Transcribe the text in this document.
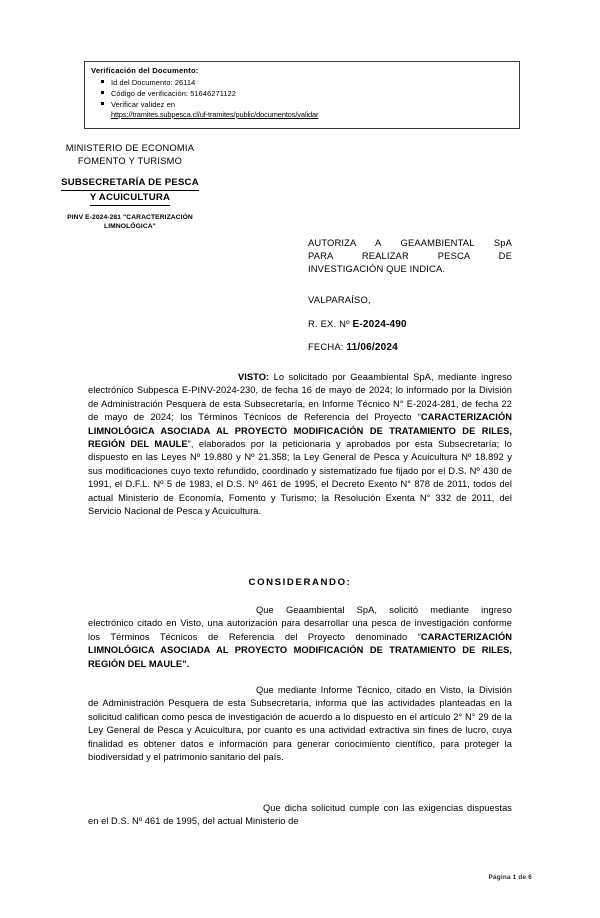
Verificación del Documento:
Id del Documento: 26114
Código de verificación: 51646271122
Verificar validez en
https://tramites.subpesca.cl/uf-tramites/public/documentos/validar
MINISTERIO DE ECONOMIA
FOMENTO Y TURISMO
SUBSECRETARÍA DE PESCA
Y ACUICULTURA
PINV E-2024-281 "CARACTERIZACIÓN
LIMNOLÓGICA"
AUTORIZA A GEAAMBIENTAL SpA
PARA REALIZAR PESCA DE
INVESTIGACIÓN QUE INDICA.
VALPARAÍSO,
R. EX. Nº E-2024-490
FECHA: 11/06/2024

VISTO: Lo solicitado por Geaambiental SpA, mediante ingreso electrónico Subpesca E-PINV-2024-230, de fecha 16 de mayo de 2024; lo informado por la División de Administración Pesquera de esta Subsecretaría, en Informe Técnico N° E-2024-281, de fecha 22 de mayo de 2024; los Términos Técnicos de Referencia del Proyecto “CARACTERIZACIÓN LIMNOLÓGICA ASOCIADA AL PROYECTO MODIFICACIÓN DE TRATAMIENTO DE RILES, REGIÓN DEL MAULE”, elaborados por la peticionaria y aprobados por esta Subsecretaría; lo dispuesto en las Leyes Nº 19.880 y Nº 21.358; la Ley General de Pesca y Acuicultura Nº 18.892 y sus modificaciones cuyo texto refundido, coordinado y sistematizado fue fijado por el D.S. Nº 430 de 1991, el D.F.L. Nº 5 de 1983, el D.S. Nº 461 de 1995, el Decreto Exento N° 878 de 2011, todos del actual Ministerio de Economía, Fomento y Turismo; la Resolución Exenta N° 332 de 2011, del Servicio Nacional de Pesca y Acuicultura.

CONSIDERANDO:

Que Geaambiental SpA, solicitó mediante ingreso electrónico citado en Visto, una autorización para desarrollar una pesca de investigación conforme los Términos Técnicos de Referencia del Proyecto denominado “CARACTERIZACIÓN LIMNOLÓGICA ASOCIADA AL PROYECTO MODIFICACIÓN DE TRATAMIENTO DE RILES, REGIÓN DEL MAULE”.

Que mediante Informe Técnico, citado en Visto, la División de Administración Pesquera de esta Subsecretaría, informa que las actividades planteadas en la solicitud califican como pesca de investigación de acuerdo a lo dispuesto en el artículo 2° N° 29 de la Ley General de Pesca y Acuicultura, por cuanto es una actividad extractiva sin fines de lucro, cuya finalidad es obtener datos e información para generar conocimiento científico, para proteger la biodiversidad y el patrimonio sanitario del país.

Que dicha solicitud cumple con las exigencias dispuestas en el D.S. Nº 461 de 1995, del actual Ministerio de

Página 1 de 6
